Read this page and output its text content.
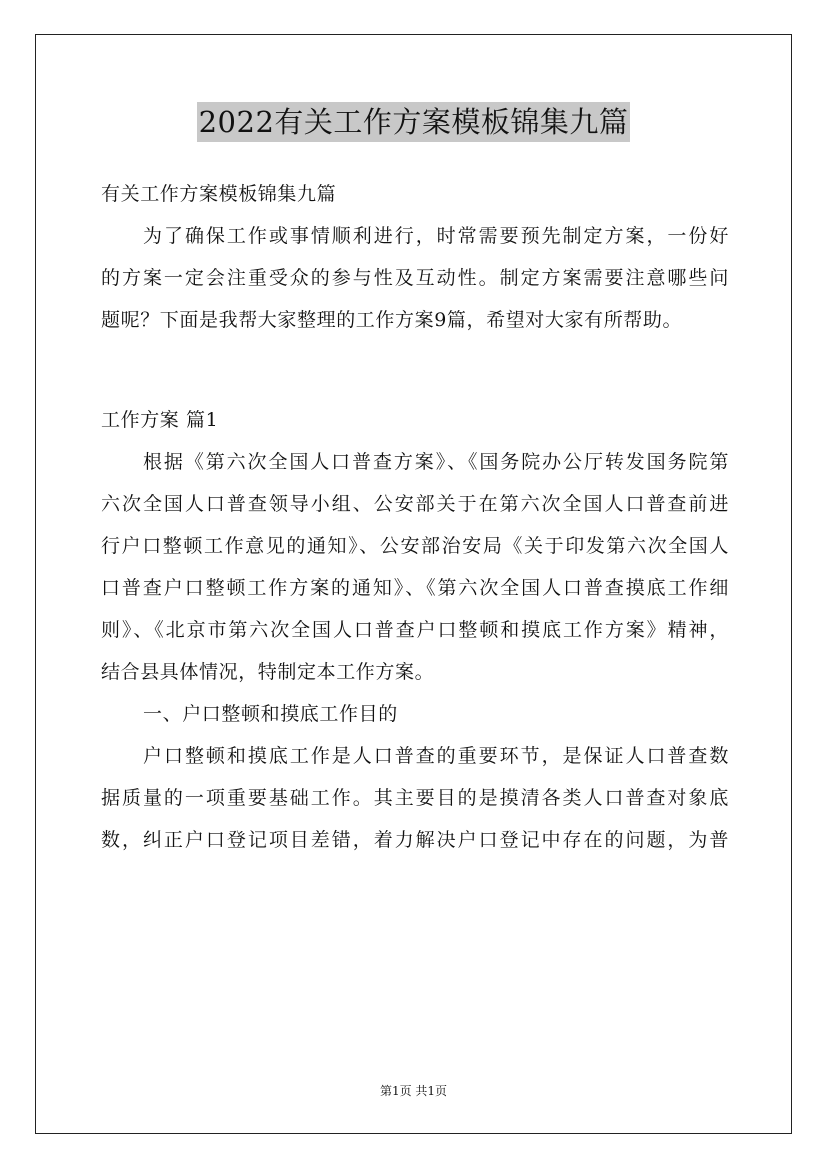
2022有关工作方案模板锦集九篇
有关工作方案模板锦集九篇
为了确保工作或事情顺利进行，时常需要预先制定方案，一份好
的方案一定会注重受众的参与性及互动性。制定方案需要注意哪些问
题呢？下面是我帮大家整理的工作方案9篇，希望对大家有所帮助。
工作方案 篇1
根据《第六次全国人口普查方案》、《国务院办公厅转发国务院第
六次全国人口普查领导小组、公安部关于在第六次全国人口普查前进
行户口整顿工作意见的通知》、公安部治安局《关于印发第六次全国人
口普查户口整顿工作方案的通知》、《第六次全国人口普查摸底工作细
则》、《北京市第六次全国人口普查户口整顿和摸底工作方案》精神，
结合县具体情况，特制定本工作方案。
一、户口整顿和摸底工作目的
户口整顿和摸底工作是人口普查的重要环节，是保证人口普查数
据质量的一项重要基础工作。其主要目的是摸清各类人口普查对象底
数，纠正户口登记项目差错，着力解决户口登记中存在的问题，为普
第1页 共1页
